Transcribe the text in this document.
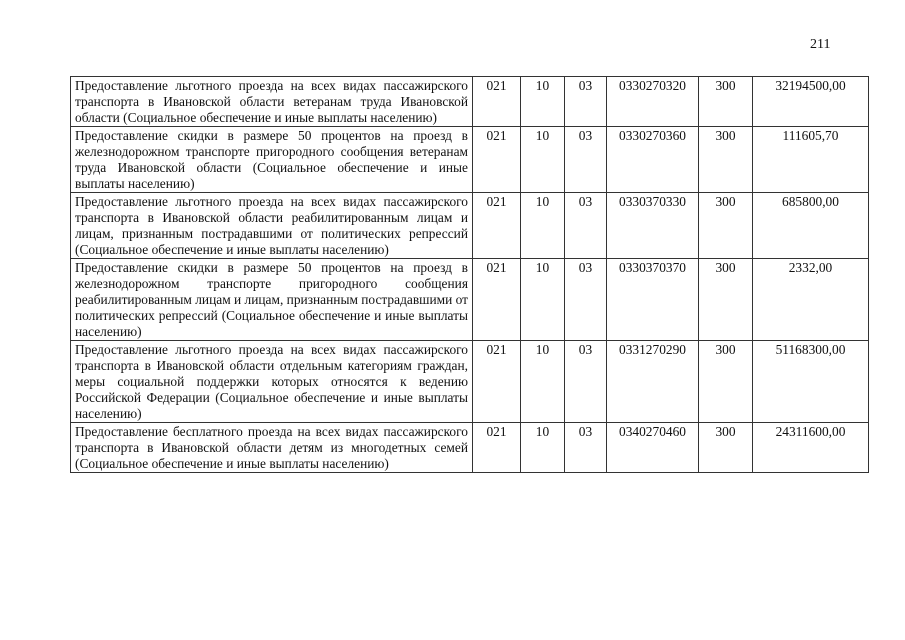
211
Предоставление льготного проезда на всех видах пассажирского транспорта в Ивановской области ветеранам труда Ивановской области (Социальное обеспечение и иные выплаты населению)	021	10	03	0330270320	300	32194500,00
Предоставление скидки в размере 50 процентов на проезд в железнодорожном транспорте пригородного сообщения ветеранам труда Ивановской области (Социальное обеспечение и иные выплаты населению)	021	10	03	0330270360	300	111605,70
Предоставление льготного проезда на всех видах пассажирского транспорта в Ивановской области реабилитированным лицам и лицам, признанным пострадавшими от политических репрессий (Социальное обеспечение и иные выплаты населению)	021	10	03	0330370330	300	685800,00
Предоставление скидки в размере 50 процентов на проезд в железнодорожном транспорте пригородного сообщения реабилитированным лицам и лицам, признанным пострадавшими от политических репрессий (Социальное обеспечение и иные выплаты населению)	021	10	03	0330370370	300	2332,00
Предоставление льготного проезда на всех видах пассажирского транспорта в Ивановской области отдельным категориям граждан, меры социальной поддержки которых относятся к ведению Российской Федерации (Социальное обеспечение и иные выплаты населению)	021	10	03	0331270290	300	51168300,00
Предоставление бесплатного проезда на всех видах пассажирского транспорта в Ивановской области детям из многодетных семей (Социальное обеспечение и иные выплаты населению)	021	10	03	0340270460	300	24311600,00
